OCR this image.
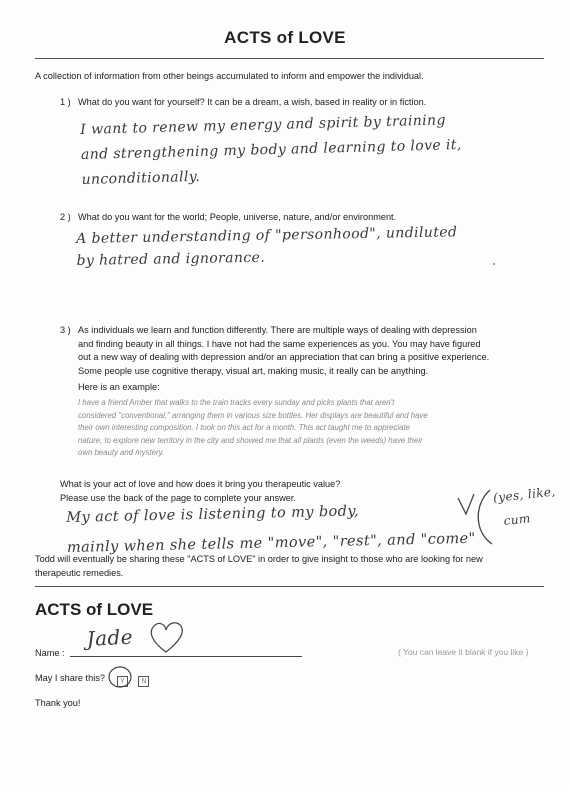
ACTS of LOVE
A collection of information from other beings accumulated to inform and empower the individual.
1 ) What do you want for yourself? It can be a dream, a wish, based in reality or in fiction.
I want to renew my energy and spirit by training
and strengthening my body and learning to love it,
unconditionally.
2 ) What do you want for the world; People, universe, nature, and/or environment.
A better understanding of "personhood", undiluted
by hatred and ignorance.
3 ) As individuals we learn and function differently. There are multiple ways of dealing with depression
and finding beauty in all things. I have not had the same experiences as you. You may have figured
out a new way of dealing with depression and/or an appreciation that can bring a positive experience.
Some people use cognitive therapy, visual art, making music, it really can be anything.
Here is an example:
I have a friend Amber that walks to the train tracks every sunday and picks plants that aren't
considered "conventional," arranging them in various size bottles. Her displays are beautiful and have
their own interesting composition. I took on this act for a month. This act taught me to appreciate
nature, to explore new territory in the city and showed me that all plants (even the weeds) have their
own beauty and mystery.
What is your act of love and how does it bring you therapeutic value?
Please use the back of the page to complete your answer.
My act of love is listening to my body,
mainly when she tells me "move", "rest", and "come"
(yes, like,
cum
Todd will eventually be sharing these "ACTS of LOVE" in order to give insight to those who are looking for new
therapeutic remedies.
ACTS of LOVE
Name :
Jade
( You can leave it blank if you like )
May I share this?	Y N
Thank you!
